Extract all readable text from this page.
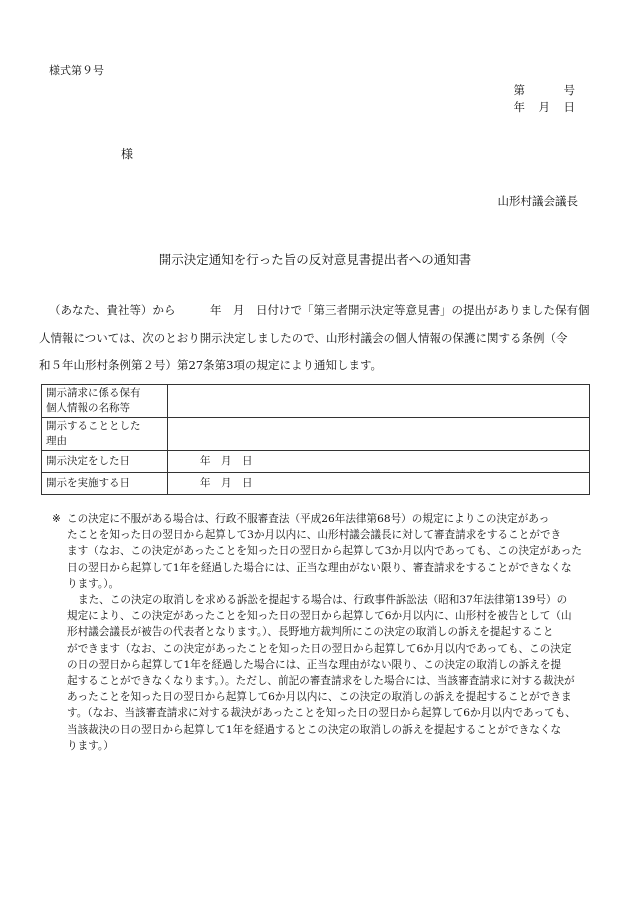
様式第９号
第　　　号
年　月　日
様
山形村議会議長
開示決定通知を行った旨の反対意見書提出者への通知書
（あなた、貴社等）から　　　年　月　日付けで「第三者開示決定等意見書」の提出がありました保有個
人情報については、次のとおり開示決定しましたので、山形村議会の個人情報の保護に関する条例（令
和５年山形村条例第２号）第27条第3項の規定により通知します。
開示請求に係る保有
個人情報の名称等	

開示することとした
理由	

開示決定をした日	年　月　日
開示を実施する日	年　月　日
※ この決定に不服がある場合は、行政不服審査法（平成26年法律第68号）の規定によりこの決定があっ
たことを知った日の翌日から起算して3か月以内に、山形村議会議長に対して審査請求をすることができ
ます（なお、この決定があったことを知った日の翌日から起算して3か月以内であっても、この決定があった
日の翌日から起算して1年を経過した場合には、正当な理由がない限り、審査請求をすることができなくな
ります。）。
また、この決定の取消しを求める訴訟を提起する場合は、行政事件訴訟法（昭和37年法律第139号）の
規定により、この決定があったことを知った日の翌日から起算して6か月以内に、山形村を被告として（山
形村議会議長が被告の代表者となります。）、長野地方裁判所にこの決定の取消しの訴えを提起すること
ができます（なお、この決定があったことを知った日の翌日から起算して6か月以内であっても、この決定
の日の翌日から起算して1年を経過した場合には、正当な理由がない限り、この決定の取消しの訴えを提
起することができなくなります。）。ただし、前記の審査請求をした場合には、当該審査請求に対する裁決が
あったことを知った日の翌日から起算して6か月以内に、この決定の取消しの訴えを提起することができま
す。（なお、当該審査請求に対する裁決があったことを知った日の翌日から起算して6か月以内であっても、
当該裁決の日の翌日から起算して1年を経過するとこの決定の取消しの訴えを提起することができなくな
ります。）
